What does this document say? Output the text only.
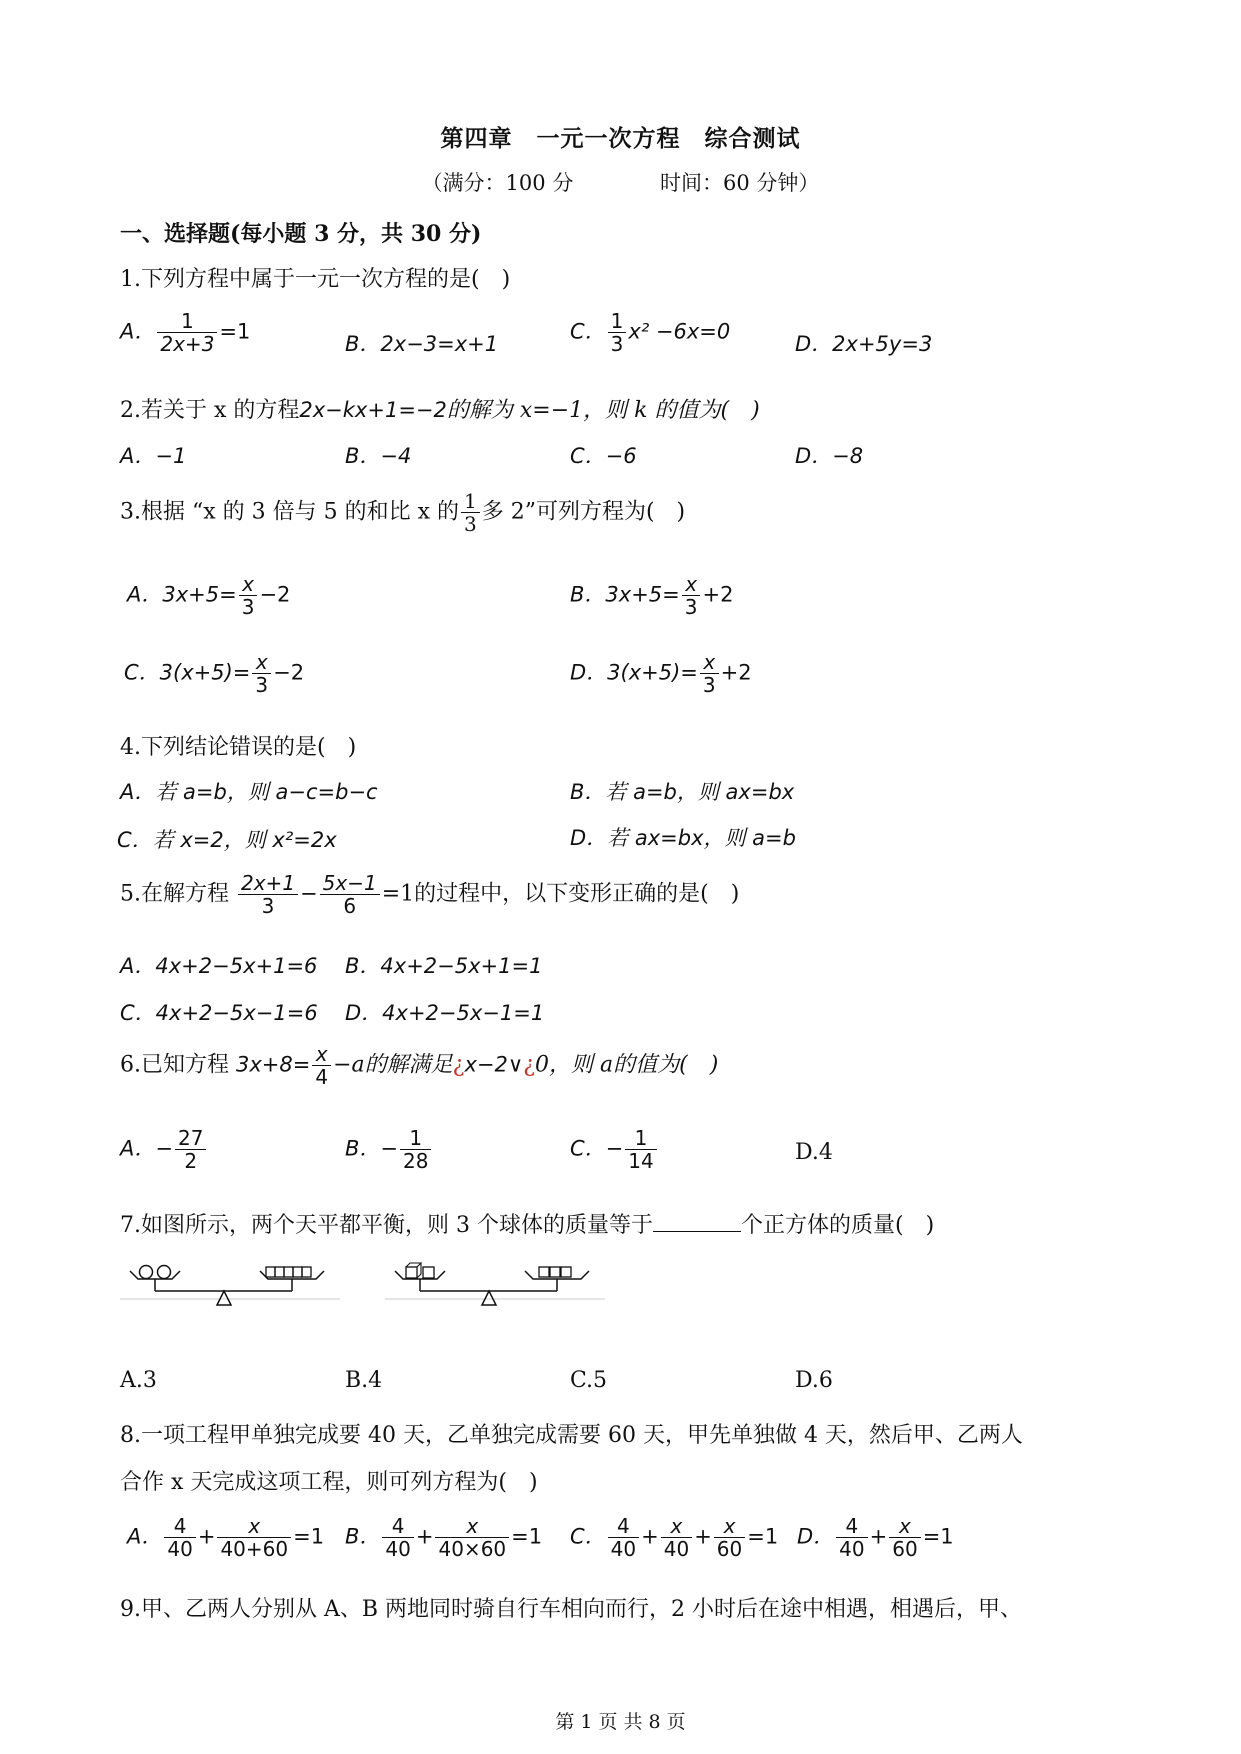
第四章　一元一次方程　综合测试
（满分：100 分	时间：60 分钟）
一、选择题(每小题 3 分，共 30 分)
1.下列方程中属于一元一次方程的是(　)
A． $\frac{1}{2x+3} =1$
B．2x−3=x+1
C． $\frac{1}{3} x^2 -6x=0$
D．2x+5y=3
2.若关于 x 的方程2x−kx+1=−2的解为 x=−1，则 k 的值为(　)
A．−1	B．−4	C．−6	D．−8
3.根据 “x 的 3 倍与 5 的和比 x 的 $\frac{1}{3}$ 多 2”可列方程为(　)
A．$3x+5= \frac{x}{3} -2$	B．$3x+5= \frac{x}{3} +2$
C．$3(x+5)= \frac{x}{3} -2$	D．$3(x+5)= \frac{x}{3} +2$
4.下列结论错误的是(　)
A．若 a=b，则 a−c=b−c	B．若 a=b，则 ax=bx
C．若 x=2，则 x²=2x	D．若 ax=bx，则 a=b
5.在解方程 $\frac{2x+1}{3} - \frac{5x-1}{6} =1$的过程中，以下变形正确的是(　)
A．4x+2−5x+1=6 B．4x+2−5x+1=1
C．4x+2−5x−1=6 D．4x+2−5x−1=1
6.已知方程 $3x+8= \frac{x}{4} -a$的解满足¿x−2∨¿0，则 a的值为(　)
A．− $\frac{27}{2}$	B．− $\frac{1}{28}$	C．− $\frac{1}{14}$	D.4
7.如图所示，两个天平都平衡，则 3 个球体的质量等于	个正方体的质量(　)
A.3	B.4	C.5	D.6
8.一项工程甲单独完成要 40 天，乙单独完成需要 60 天，甲先单独做 4 天，然后甲、乙两人
合作 x 天完成这项工程，则可列方程为(　)
A． $\frac{4}{40} + \frac{x}{40+60} =1$ B． $\frac{4}{40} + \frac{x}{40\times 60} =1$ C． $\frac{4}{40} + \frac{x}{40} + \frac{x}{60} =1$ D． $\frac{4}{40} + \frac{x}{60} =1$
9.甲、乙两人分别从 A、B 两地同时骑自行车相向而行，2 小时后在途中相遇，相遇后，甲、
第 1 页 共 8 页
